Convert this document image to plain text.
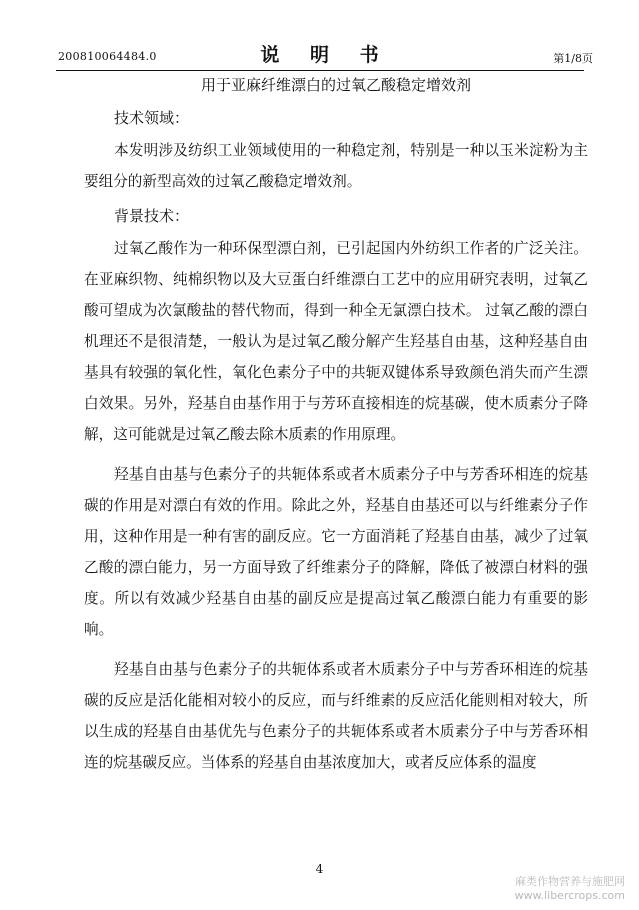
200810064484.0	说 明 书	第1/8页
用于亚麻纤维漂白的过氧乙酸稳定增效剂
技术领域：

本发明涉及纺织工业领域使用的一种稳定剂，特别是一种以玉米淀粉为主要组分的新型高效的过氧乙酸稳定增效剂。

背景技术：

过氧乙酸作为一种环保型漂白剂，已引起国内外纺织工作者的广泛关注。在亚麻织物、纯棉织物以及大豆蛋白纤维漂白工艺中的应用研究表明，过氧乙酸可望成为次氯酸盐的替代物而，得到一种全无氯漂白技术。 过氧乙酸的漂白机理还不是很清楚，一般认为是过氧乙酸分解产生羟基自由基，这种羟基自由基具有较强的氧化性，氧化色素分子中的共轭双键体系导致颜色消失而产生漂白效果。另外，羟基自由基作用于与芳环直接相连的烷基碳，使木质素分子降解，这可能就是过氧乙酸去除木质素的作用原理。

羟基自由基与色素分子的共轭体系或者木质素分子中与芳香环相连的烷基碳的作用是对漂白有效的作用。除此之外，羟基自由基还可以与纤维素分子作用，这种作用是一种有害的副反应。它一方面消耗了羟基自由基，减少了过氧乙酸的漂白能力，另一方面导致了纤维素分子的降解，降低了被漂白材料的强度。所以有效减少羟基自由基的副反应是提高过氧乙酸漂白能力有重要的影响。

羟基自由基与色素分子的共轭体系或者木质素分子中与芳香环相连的烷基碳的反应是活化能相对较小的反应，而与纤维素的反应活化能则相对较大，所以生成的羟基自由基优先与色素分子的共轭体系或者木质素分子中与芳香环相连的烷基碳反应。当体系的羟基自由基浓度加大，或者反应体系的温度

4
麻类作物营养与施肥网
www.libercrops.com
